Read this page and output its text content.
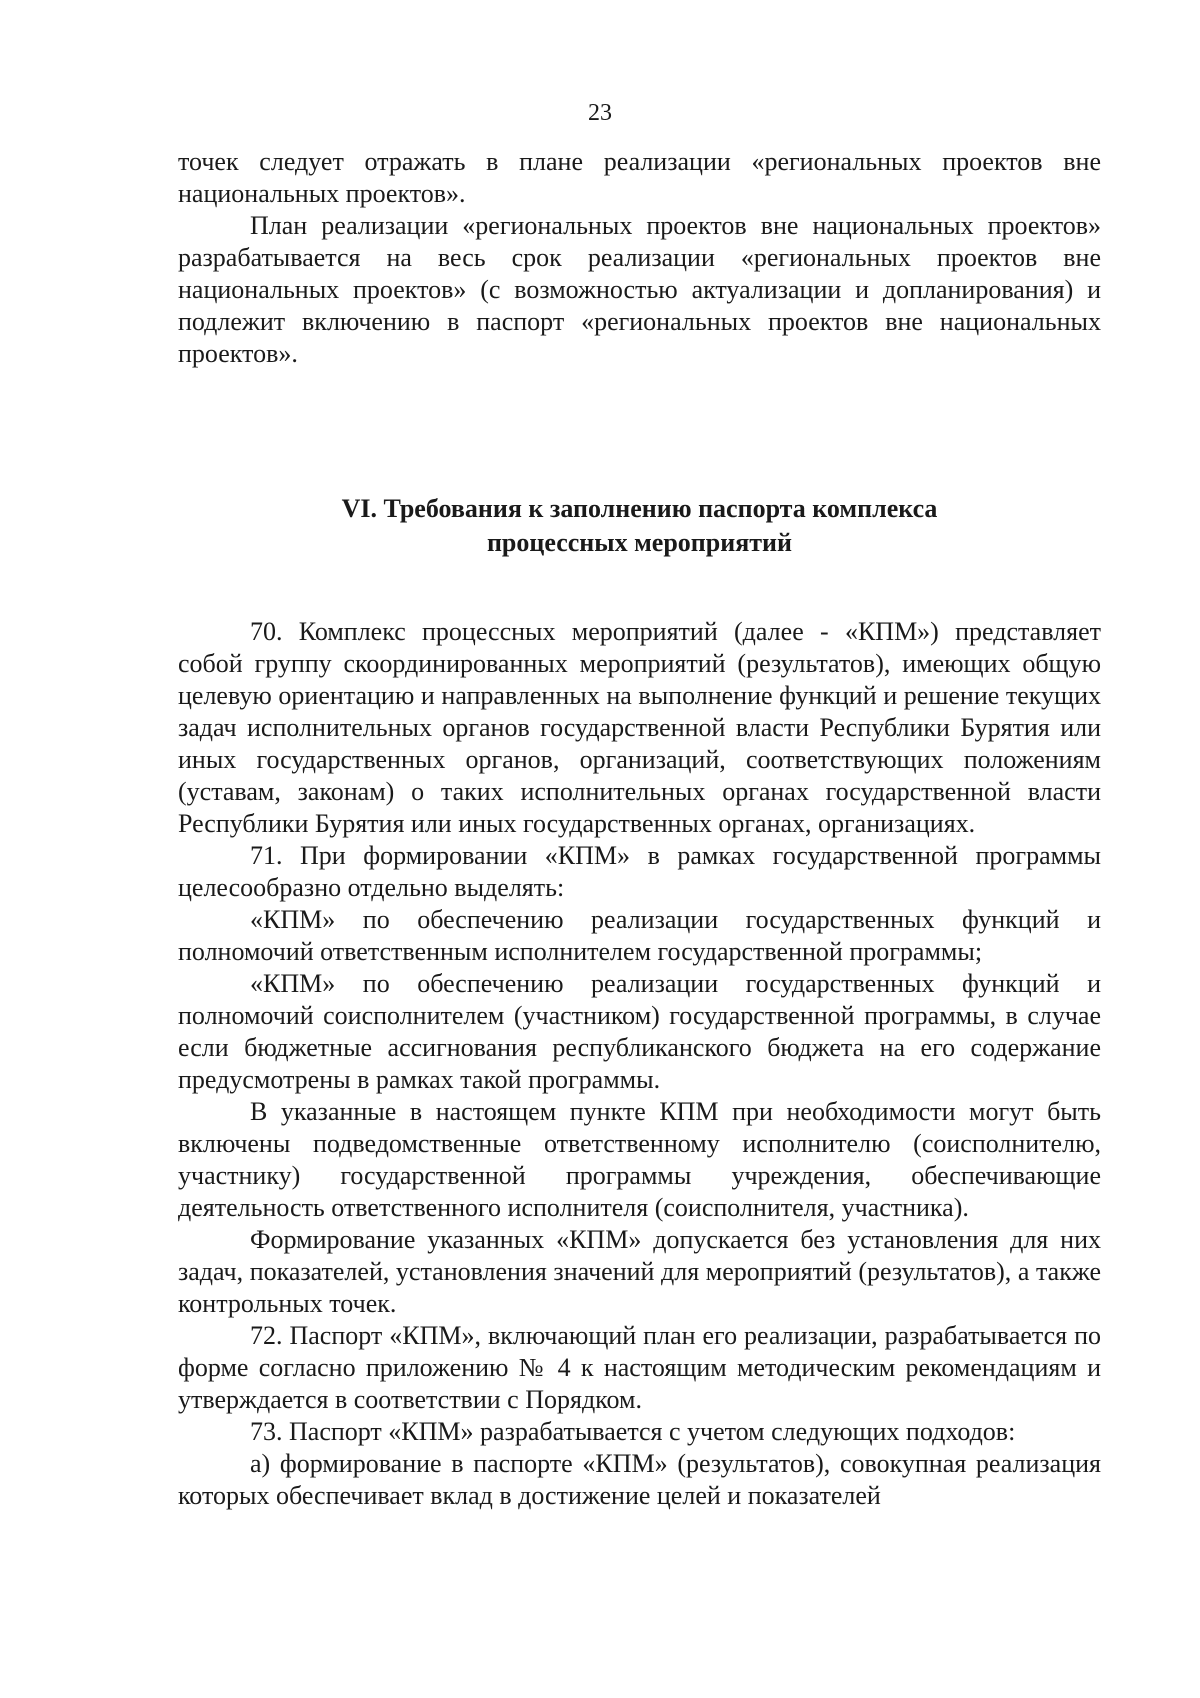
23

точек следует отражать в плане реализации «региональных проектов вне национальных проектов».

План реализации «региональных проектов вне национальных проектов» разрабатывается на весь срок реализации «региональных проектов вне национальных проектов» (с возможностью актуализации и допланирования) и подлежит включению в паспорт «региональных проектов вне национальных проектов».

VI. Требования к заполнению паспорта комплекса
процессных мероприятий

70. Комплекс процессных мероприятий (далее - «КПМ») представляет собой группу скоординированных мероприятий (результатов), имеющих общую целевую ориентацию и направленных на выполнение функций и решение текущих задач исполнительных органов государственной власти Республики Бурятия или иных государственных органов, организаций, соответствующих положениям (уставам, законам) о таких исполнительных органах государственной власти Республики Бурятия или иных государственных органах, организациях.

71. При формировании «КПМ» в рамках государственной программы целесообразно отдельно выделять:

«КПМ» по обеспечению реализации государственных функций и полномочий ответственным исполнителем государственной программы;

«КПМ» по обеспечению реализации государственных функций и полномочий соисполнителем (участником) государственной программы, в случае если бюджетные ассигнования республиканского бюджета на его содержание предусмотрены в рамках такой программы.

В указанные в настоящем пункте КПМ при необходимости могут быть включены подведомственные ответственному исполнителю (соисполнителю, участнику) государственной программы учреждения, обеспечивающие деятельность ответственного исполнителя (соисполнителя, участника).

Формирование указанных «КПМ» допускается без установления для них задач, показателей, установления значений для мероприятий (результатов), а также контрольных точек.

72. Паспорт «КПМ», включающий план его реализации, разрабатывается по форме согласно приложению № 4 к настоящим методическим рекомендациям и утверждается в соответствии с Порядком.

73. Паспорт «КПМ» разрабатывается с учетом следующих подходов:

а) формирование в паспорте «КПМ» (результатов), совокупная реализация которых обеспечивает вклад в достижение целей и показателей
